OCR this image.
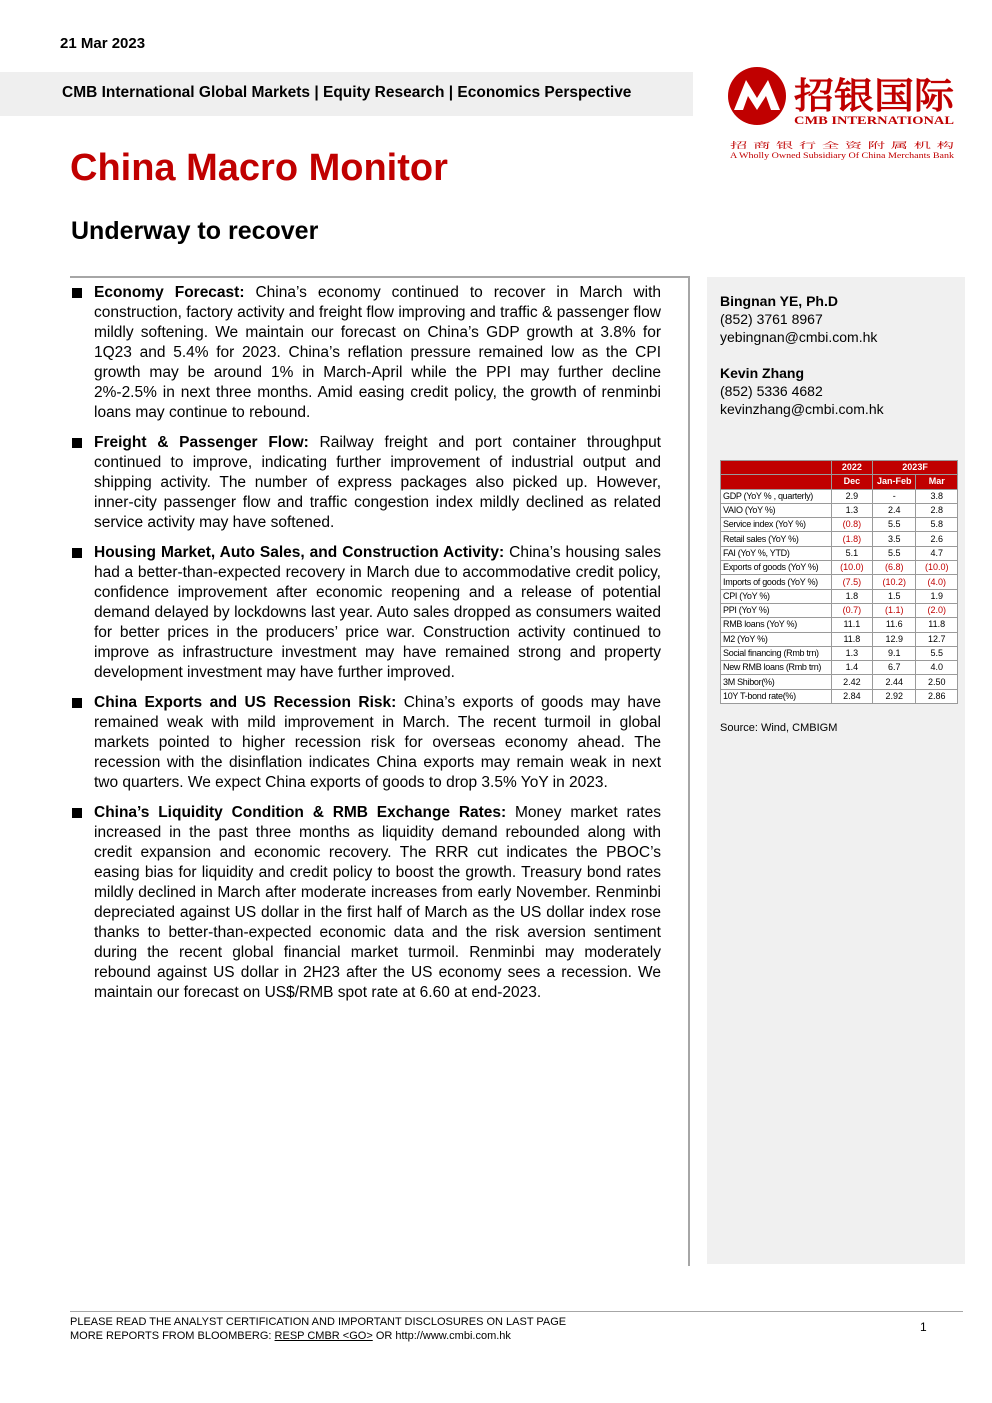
21 Mar 2023
CMB International Global Markets | Equity Research | Economics Perspective	招银国际
CMB INTERNATIONAL
招 商 银 行 全 资 附 属 机 构
A Wholly Owned Subsidiary Of China Merchants Bank
China Macro Monitor
Underway to recover
Economy Forecast: China’s economy continued to recover in March with construction, factory activity and freight flow improving and traffic & passenger flow mildly softening. We maintain our forecast on China’s GDP growth at 3.8% for 1Q23 and 5.4% for 2023. China’s reflation pressure remained low as the CPI growth may be around 1% in March-April while the PPI may further decline 2%-2.5% in next three months. Amid easing credit policy, the growth of renminbi loans may continue to rebound.
Freight & Passenger Flow: Railway freight and port container throughput continued to improve, indicating further improvement of industrial output and shipping activity. The number of express packages also picked up. However, inner-city passenger flow and traffic congestion index mildly declined as related service activity may have softened.
Housing Market, Auto Sales, and Construction Activity: China’s housing sales had a better-than-expected recovery in March due to accommodative credit policy, confidence improvement after economic reopening and a release of potential demand delayed by lockdowns last year. Auto sales dropped as consumers waited for better prices in the producers’ price war. Construction activity continued to improve as infrastructure investment may have remained strong and property development investment may have further improved.
China Exports and US Recession Risk: China’s exports of goods may have remained weak with mild improvement in March. The recent turmoil in global markets pointed to higher recession risk for overseas economy ahead. The recession with the disinflation indicates China exports may remain weak in next two quarters. We expect China exports of goods to drop 3.5% YoY in 2023.
China’s Liquidity Condition & RMB Exchange Rates: Money market rates increased in the past three months as liquidity demand rebounded along with credit expansion and economic recovery. The RRR cut indicates the PBOC’s easing bias for liquidity and credit policy to boost the growth. Treasury bond rates mildly declined in March after moderate increases from early November. Renminbi depreciated against US dollar in the first half of March as the US dollar index rose thanks to better-than-expected economic data and the risk aversion sentiment during the recent global financial market turmoil. Renminbi may moderately rebound against US dollar in 2H23 after the US economy sees a recession. We maintain our forecast on US$/RMB spot rate at 6.60 at end-2023.
Bingnan YE, Ph.D
(852) 3761 8967
yebingnan@cmbi.com.hk
Kevin Zhang
(852) 5336 4682
kevinzhang@cmbi.com.hk
	2022	2023F	
	Dec	Jan-Feb	Mar
GDP (YoY % , quarterly)	2.9	-	3.8
VAIO (YoY %)	1.3	2.4	2.8
Service index (YoY %)	(0.8)	5.5	5.8
Retail sales (YoY %)	(1.8)	3.5	2.6
FAI (YoY %, YTD)	5.1	5.5	4.7
Exports of goods (YoY %)	(10.0)	(6.8)	(10.0)
Imports of goods (YoY %)	(7.5)	(10.2)	(4.0)
CPI (YoY %)	1.8	1.5	1.9
PPI (YoY %)	(0.7)	(1.1)	(2.0)
RMB loans (YoY %)	11.1	11.6	11.8
M2 (YoY %)	11.8	12.9	12.7
Social financing (Rmb trn)	1.3	9.1	5.5
New RMB loans (Rmb trn)	1.4	6.7	4.0
3M Shibor(%)	2.42	2.44	2.50
10Y T-bond rate(%)	2.84	2.92	2.86
Source: Wind, CMBIGM
PLEASE READ THE ANALYST CERTIFICATION AND IMPORTANT DISCLOSURES ON LAST PAGE
MORE REPORTS FROM BLOOMBERG: RESP CMBR <GO> OR http://www.cmbi.com.hk
1
